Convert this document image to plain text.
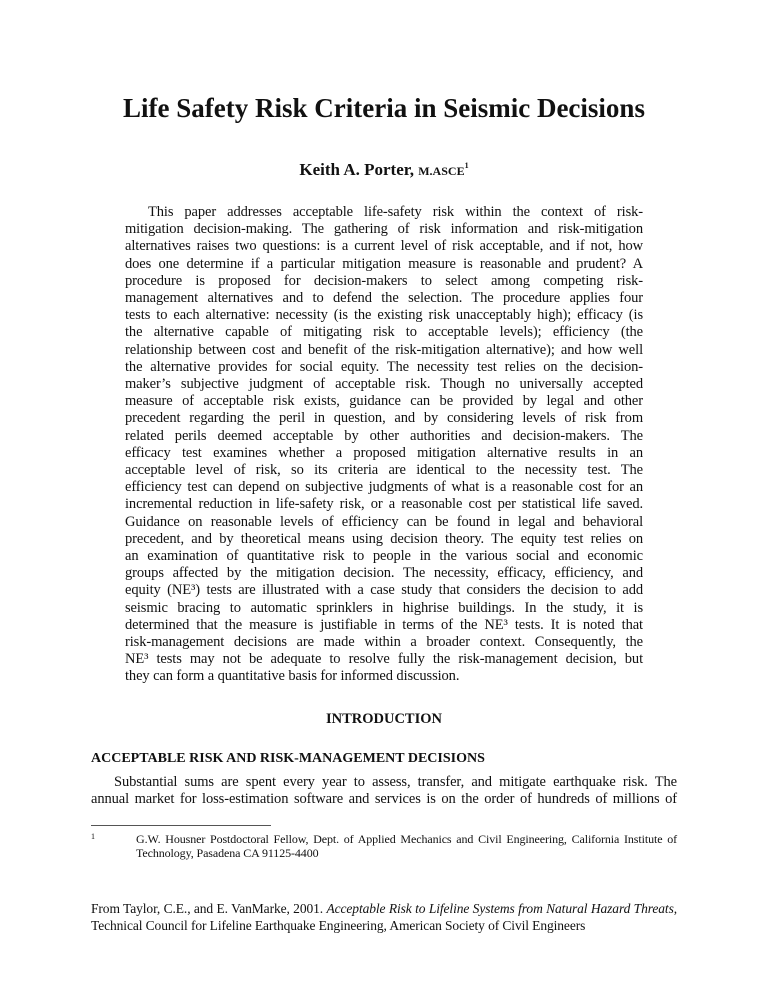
Life Safety Risk Criteria in Seismic Decisions
Keith A. Porter, M.ASCE$^1$
This paper addresses acceptable life-safety risk within the context of risk-
mitigation decision-making. The gathering of risk information and risk-mitigation
alternatives raises two questions: is a current level of risk acceptable, and if not, how
does one determine if a particular mitigation measure is reasonable and prudent? A
procedure is proposed for decision-makers to select among competing risk-
management alternatives and to defend the selection. The procedure applies four
tests to each alternative: necessity (is the existing risk unacceptably high); efficacy (is
the alternative capable of mitigating risk to acceptable levels); efficiency (the
relationship between cost and benefit of the risk-mitigation alternative); and how well
the alternative provides for social equity. The necessity test relies on the decision-
maker’s subjective judgment of acceptable risk. Though no universally accepted
measure of acceptable risk exists, guidance can be provided by legal and other
precedent regarding the peril in question, and by considering levels of risk from
related perils deemed acceptable by other authorities and decision-makers. The
efficacy test examines whether a proposed mitigation alternative results in an
acceptable level of risk, so its criteria are identical to the necessity test. The
efficiency test can depend on subjective judgments of what is a reasonable cost for an
incremental reduction in life-safety risk, or a reasonable cost per statistical life saved.
Guidance on reasonable levels of efficiency can be found in legal and behavioral
precedent, and by theoretical means using decision theory. The equity test relies on
an examination of quantitative risk to people in the various social and economic
groups affected by the mitigation decision. The necessity, efficacy, efficiency, and
equity (NE³) tests are illustrated with a case study that considers the decision to add
seismic bracing to automatic sprinklers in highrise buildings. In the study, it is
determined that the measure is justifiable in terms of the NE³ tests. It is noted that
risk-management decisions are made within a broader context. Consequently, the
NE³ tests may not be adequate to resolve fully the risk-management decision, but
they can form a quantitative basis for informed discussion.
INTRODUCTION
ACCEPTABLE RISK AND RISK-MANAGEMENT DECISIONS
Substantial sums are spent every year to assess, transfer, and mitigate earthquake risk. The
annual market for loss-estimation software and services is on the order of hundreds of millions of
1	G.W. Housner Postdoctoral Fellow, Dept. of Applied Mechanics and Civil Engineering, California Institute of
Technology, Pasadena CA 91125-4400
From Taylor, C.E., and E. VanMarke, 2001. Acceptable Risk to Lifeline Systems from Natural Hazard Threats,
Technical Council for Lifeline Earthquake Engineering, American Society of Civil Engineers
